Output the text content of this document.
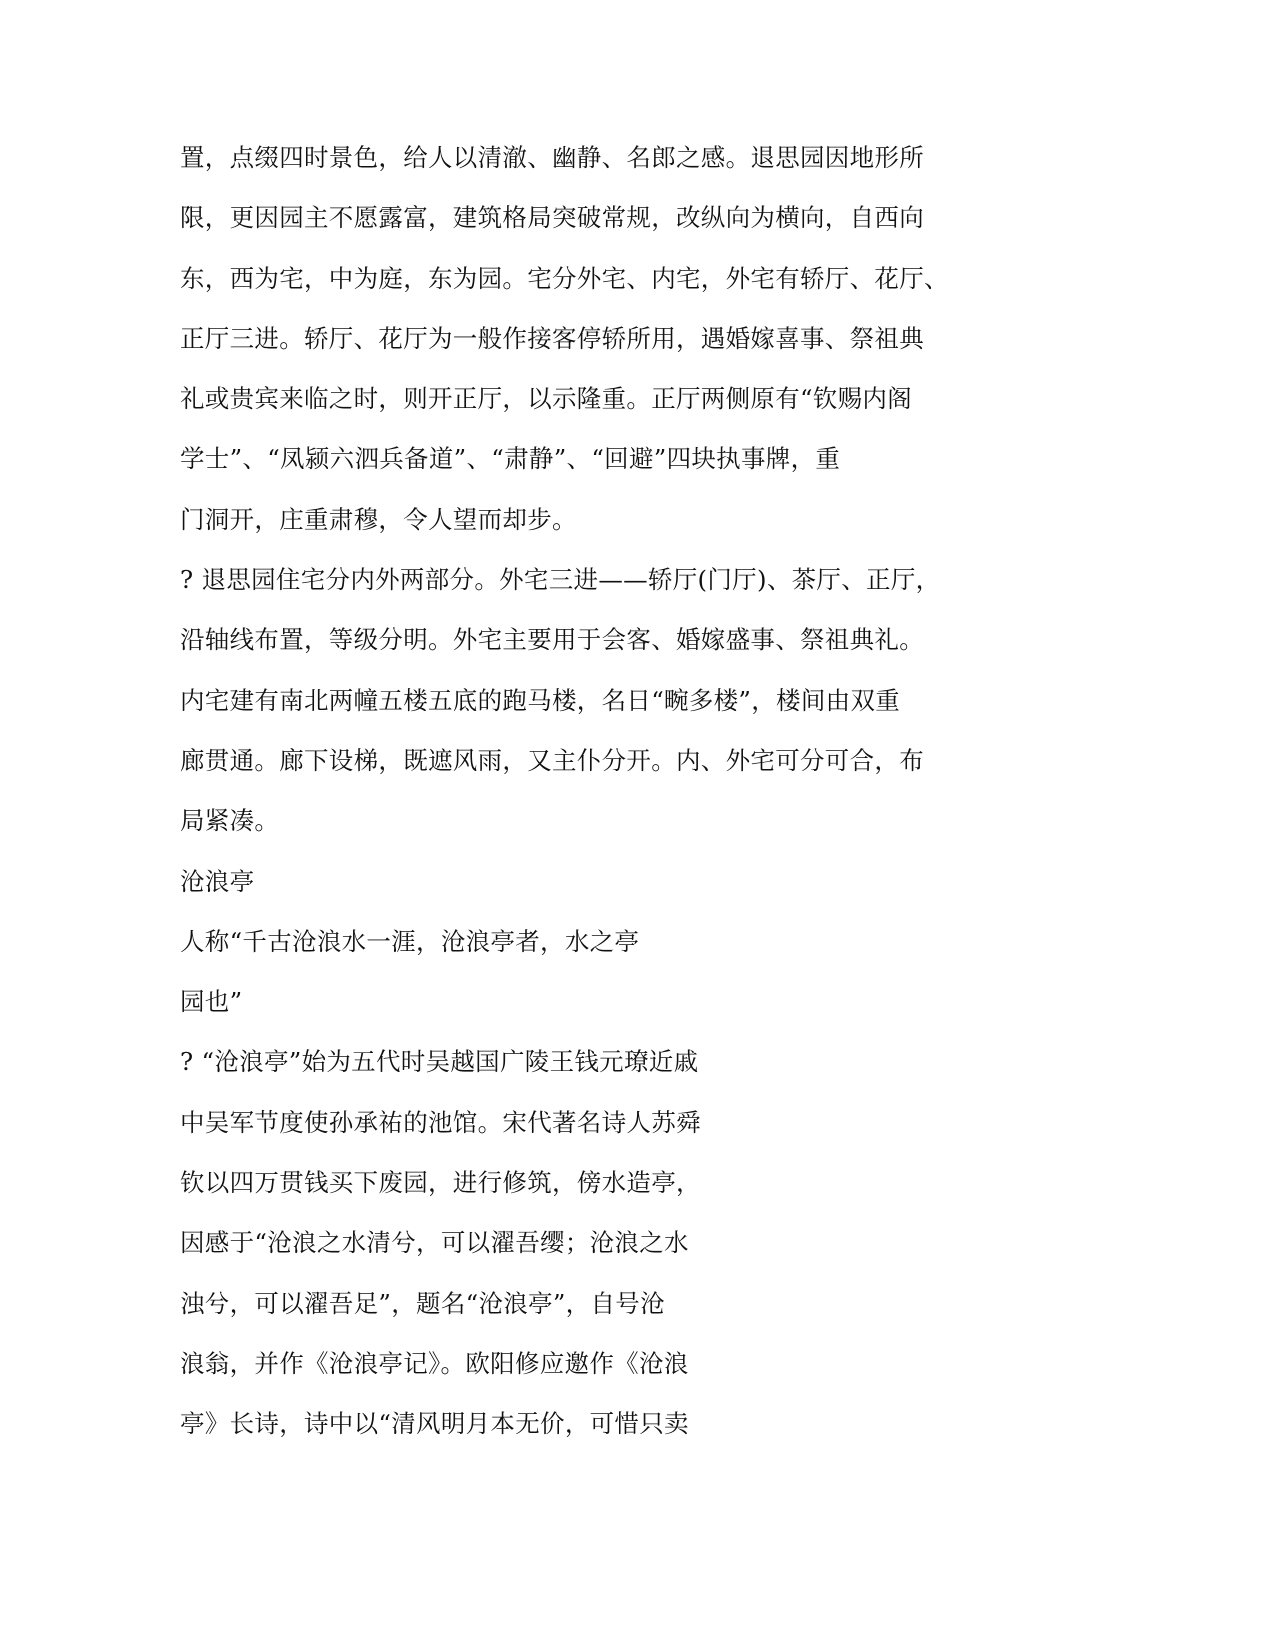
置，点缀四时景色，给人以清澈、幽静、名郎之感。退思园因地形所
限，更因园主不愿露富，建筑格局突破常规，改纵向为横向，自西向
东，西为宅，中为庭，东为园。宅分外宅、内宅，外宅有轿厅、花厅、
正厅三进。轿厅、花厅为一般作接客停轿所用，遇婚嫁喜事、祭祖典
礼或贵宾来临之时，则开正厅，以示隆重。正厅两侧原有“钦赐内阁
学士”、“凤颍六泗兵备道”、“肃静”、“回避”四块执事牌，重
门洞开，庄重肃穆，令人望而却步。
? 退思园住宅分内外两部分。外宅三进——轿厅(门厅)、茶厅、正厅，
沿轴线布置，等级分明。外宅主要用于会客、婚嫁盛事、祭祖典礼。
内宅建有南北两幢五楼五底的跑马楼，名日“畹多楼”，楼间由双重
廊贯通。廊下设梯，既遮风雨，又主仆分开。内、外宅可分可合，布
局紧凑。
沧浪亭
人称“千古沧浪水一涯，沧浪亭者，水之亭
园也”
? “沧浪亭”始为五代时吴越国广陵王钱元璙近戚
中吴军节度使孙承祐的池馆。宋代著名诗人苏舜
钦以四万贯钱买下废园，进行修筑，傍水造亭，
因感于“沧浪之水清兮，可以濯吾缨；沧浪之水
浊兮，可以濯吾足”，题名“沧浪亭”，自号沧
浪翁，并作《沧浪亭记》。欧阳修应邀作《沧浪
亭》长诗，诗中以“清风明月本无价，可惜只卖
